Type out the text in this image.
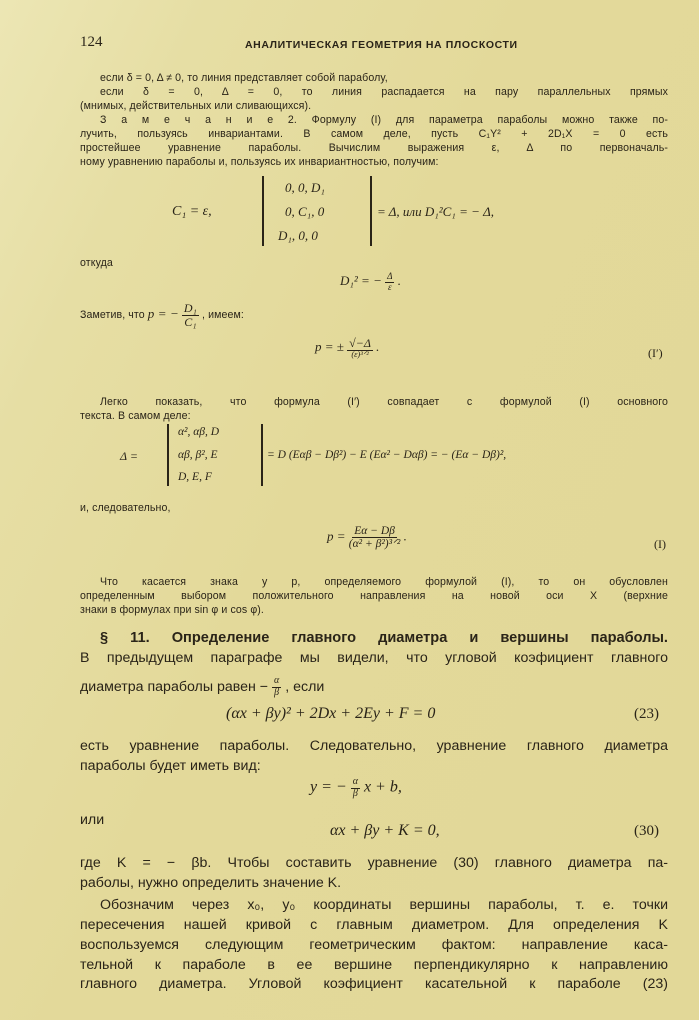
124	АНАЛИТИЧЕСКАЯ ГЕОМЕТРИЯ НА ПЛОСКОСТИ
если δ = 0, Δ ≠ 0, то линия представляет собой параболу,
если δ = 0, Δ = 0, то линия распадается на пару параллельных прямых
(мнимых, действительных или сливающихся).
З а м е ч а н и е 2. Формулу (I) для параметра параболы можно также по-
лучить, пользуясь инвариантами. В самом деле, пусть C₁Y² + 2D₁X = 0 есть
простейшее уравнение параболы. Вычислим выражения ε, Δ по первоначаль-
ному уравнению параболы и, пользуясь их инвариантностью, получим:
C₁ = ε,
0, 0, D₁
0, C₁, 0
D₁, 0, 0
= Δ, или D₁²C₁ = − Δ,
откуда
D₁² = − $\frac{\Delta}{\varepsilon}$ .
Заметив, что p = − $\frac{\text{D₁}}{\text{C₁}}$ , имеем:
p = ± $\frac{√-\Delta}{\text{(ε)³ᐟ²}}$ .	(I′)
Легко показать, что формула (I′) совпадает с формулой (I) основного
текста. В самом деле:
Δ =
α², αβ, D
αβ, β², E
D, E, F
= D (Eαβ − Dβ²) − E (Eα² − Dαβ) = − (Eα − Dβ)²,
и, следовательно,
$p = \frac{E\alpha - D\beta}{\text{(α² + β²)³ᐟ²}}$ .
(I)
Что касается знака у p, определяемого формулой (I), то он обусловлен
определенным выбором положительного направления на новой оси X (верхние
знаки в формулах при sin φ и cos φ).
§ 11. Определение главного диаметра и вершины параболы.
В предыдущем параграфе мы видели, что угловой коэфициент главного
диаметра параболы равен − $\frac{\alpha}{\beta}$ , если
(αx + βy)² + 2Dx + 2Ey + F = 0	(23)
есть уравнение параболы. Следовательно, уравнение главного диаметра
параболы будет иметь вид:
y = − $\frac{\alpha}{\beta}$ x + b,
или
αx + βy + K = 0,	(30)
где K = − βb. Чтобы составить уравнение (30) главного диаметра па-
раболы, нужно определить значение K.
Обозначим через x₀, y₀ координаты вершины параболы, т. е. точки
пересечения нашей кривой с главным диаметром. Для определения K
воспользуемся следующим геометрическим фактом: направление каса-
тельной к параболе в ее вершине перпендикулярно к направлению
главного диаметра. Угловой коэфициент касательной к параболе (23)
